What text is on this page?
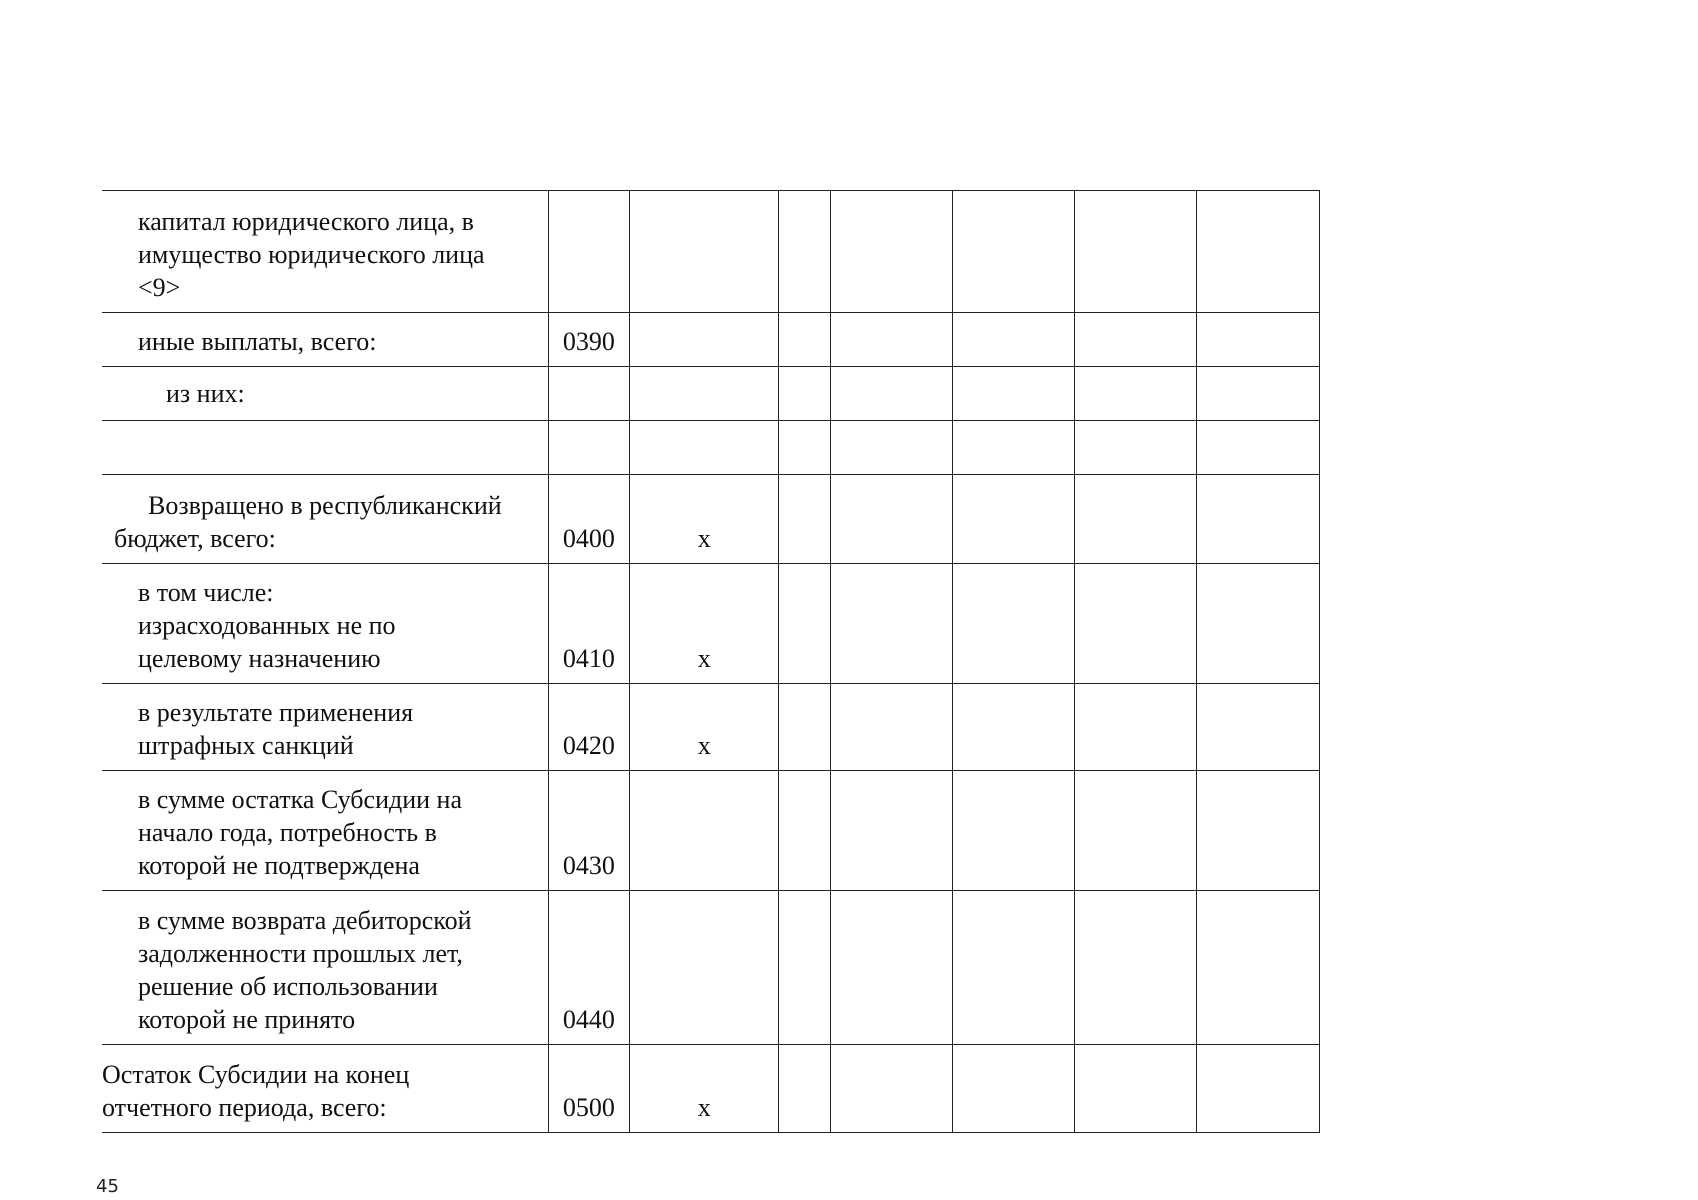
капитал юридического лица, в
имущество юридического лица
<9>							

иные выплаты, всего:	0390						

из них:							

Возвращено в республиканский
бюджет, всего:	0400	x					

в том числе:
израсходованных не по
целевому назначению	0410	x					

в результате применения
штрафных санкций	0420	x					

в сумме остатка Субсидии на
начало года, потребность в
которой не подтверждена	0430						

в сумме возврата дебиторской
задолженности прошлых лет,
решение об использовании
которой не принято	0440						

Остаток Субсидии на конец
отчетного периода, всего:	0500	x					
45
